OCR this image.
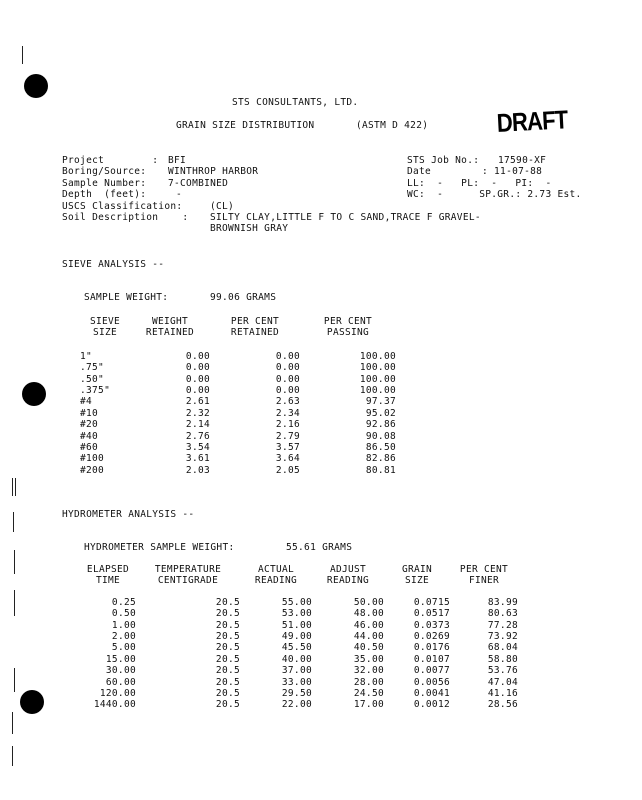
STS CONSULTANTS, LTD.
GRAIN SIZE DISTRIBUTION	(ASTM D 422)	DRAFT
Project        : BFI
Boring/Source: WINTHROP HARBOR
Sample Number: 7-COMBINED
Depth  (feet):	-
USCS Classification:	(CL)
Soil Description    : SILTY CLAY,LITTLE F TO C SAND,TRACE F GRAVEL-
BROWNISH GRAY
STS Job No.: 17590-XF
Date	: 11-07-88
LL:  -   PL:  -   PI:  -
WC:  -      SP.GR.: 2.73 Est.
SIEVE ANALYSIS --
SAMPLE WEIGHT:	99.06 GRAMS
SIEVE	WEIGHT	PER CENT	PER CENT
SIZE	RETAINED	RETAINED	PASSING

1"	0.00	0.00	100.00
.75"	0.00	0.00	100.00
.50"	0.00	0.00	100.00
.375"	0.00	0.00	100.00
#4	2.61	2.63	97.37
#10	2.32	2.34	95.02
#20	2.14	2.16	92.86
#40	2.76	2.79	90.08
#60	3.54	3.57	86.50
#100	3.61	3.64	82.86
#200	2.03	2.05	80.81
HYDROMETER ANALYSIS --
HYDROMETER SAMPLE WEIGHT:	55.61 GRAMS
ELAPSED	TEMPERATURE	ACTUAL	ADJUST	GRAIN	PER CENT
TIME	CENTIGRADE	READING	READING	SIZE	FINER

0.25	20.5	55.00	50.00	0.0715	83.99
0.50	20.5	53.00	48.00	0.0517	80.63
1.00	20.5	51.00	46.00	0.0373	77.28
2.00	20.5	49.00	44.00	0.0269	73.92
5.00	20.5	45.50	40.50	0.0176	68.04
15.00	20.5	40.00	35.00	0.0107	58.80
30.00	20.5	37.00	32.00	0.0077	53.76
60.00	20.5	33.00	28.00	0.0056	47.04
120.00	20.5	29.50	24.50	0.0041	41.16
1440.00	20.5	22.00	17.00	0.0012	28.56
